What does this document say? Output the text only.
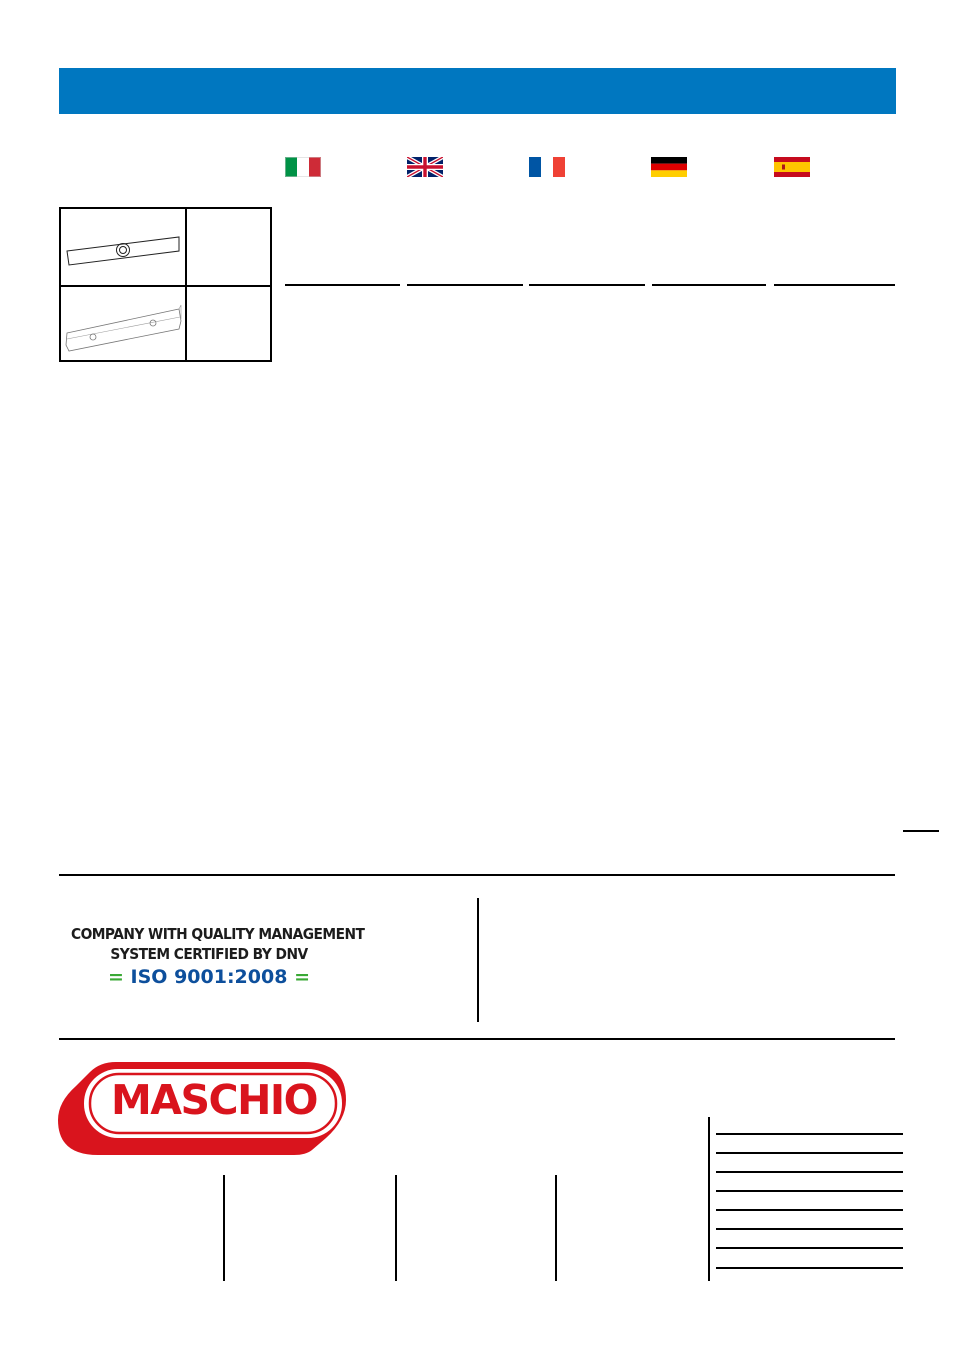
COMPANY WITH QUALITY MANAGEMENT
SYSTEM CERTIFIED BY DNV
= ISO 9001:2008 =
MASCHIO
